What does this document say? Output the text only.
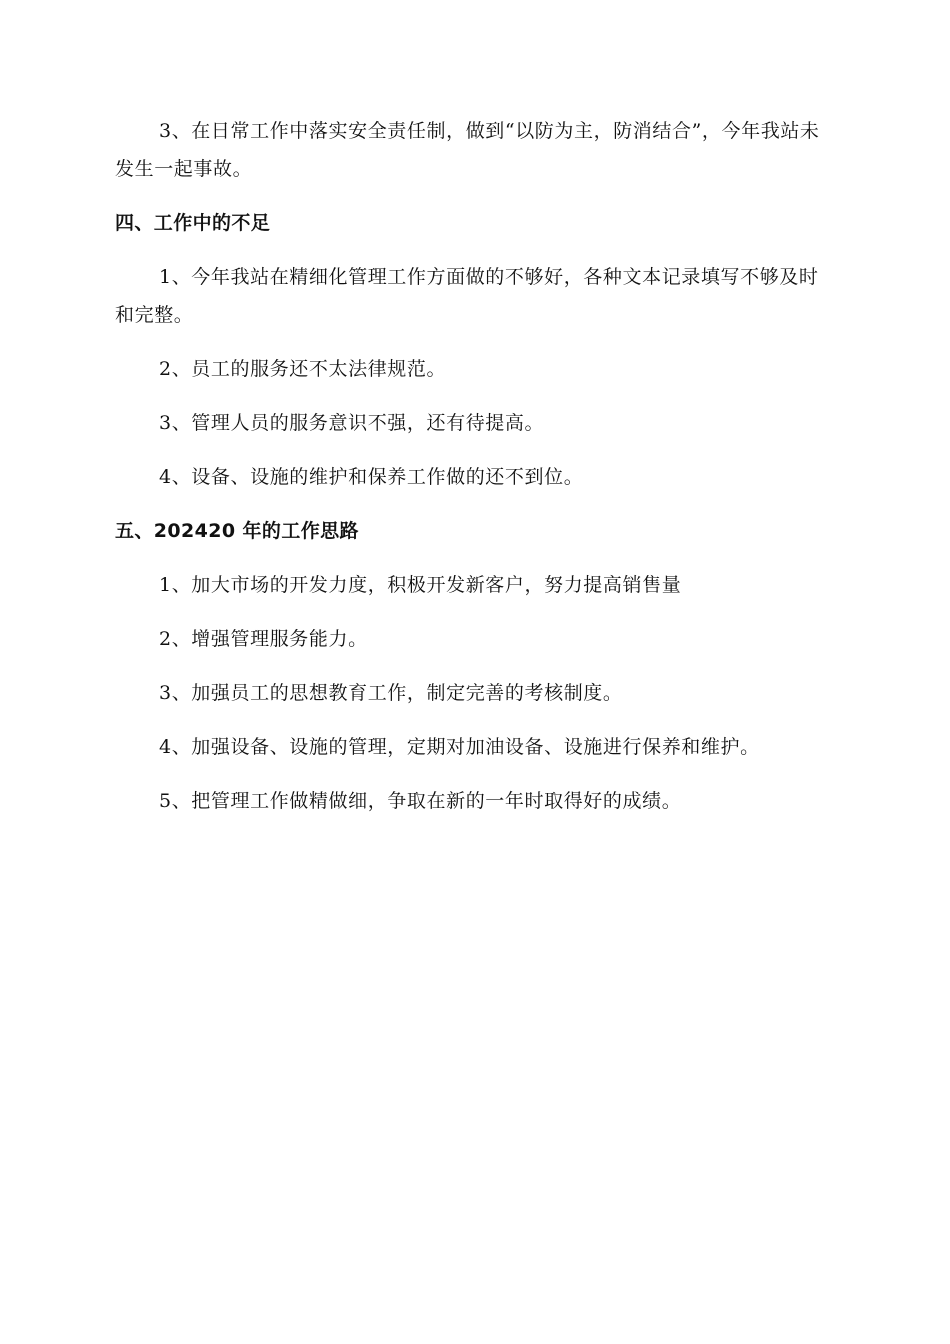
3、在日常工作中落实安全责任制，做到“以防为主，防消结合”，今年我站未发生一起事故。

四、工作中的不足

1、今年我站在精细化管理工作方面做的不够好，各种文本记录填写不够及时和完整。

2、员工的服务还不太法律规范。

3、管理人员的服务意识不强，还有待提高。

4、设备、设施的维护和保养工作做的还不到位。

五、202420 年的工作思路

1、加大市场的开发力度，积极开发新客户，努力提高销售量

2、增强管理服务能力。

3、加强员工的思想教育工作，制定完善的考核制度。

4、加强设备、设施的管理，定期对加油设备、设施进行保养和维护。

5、把管理工作做精做细，争取在新的一年时取得好的成绩。
